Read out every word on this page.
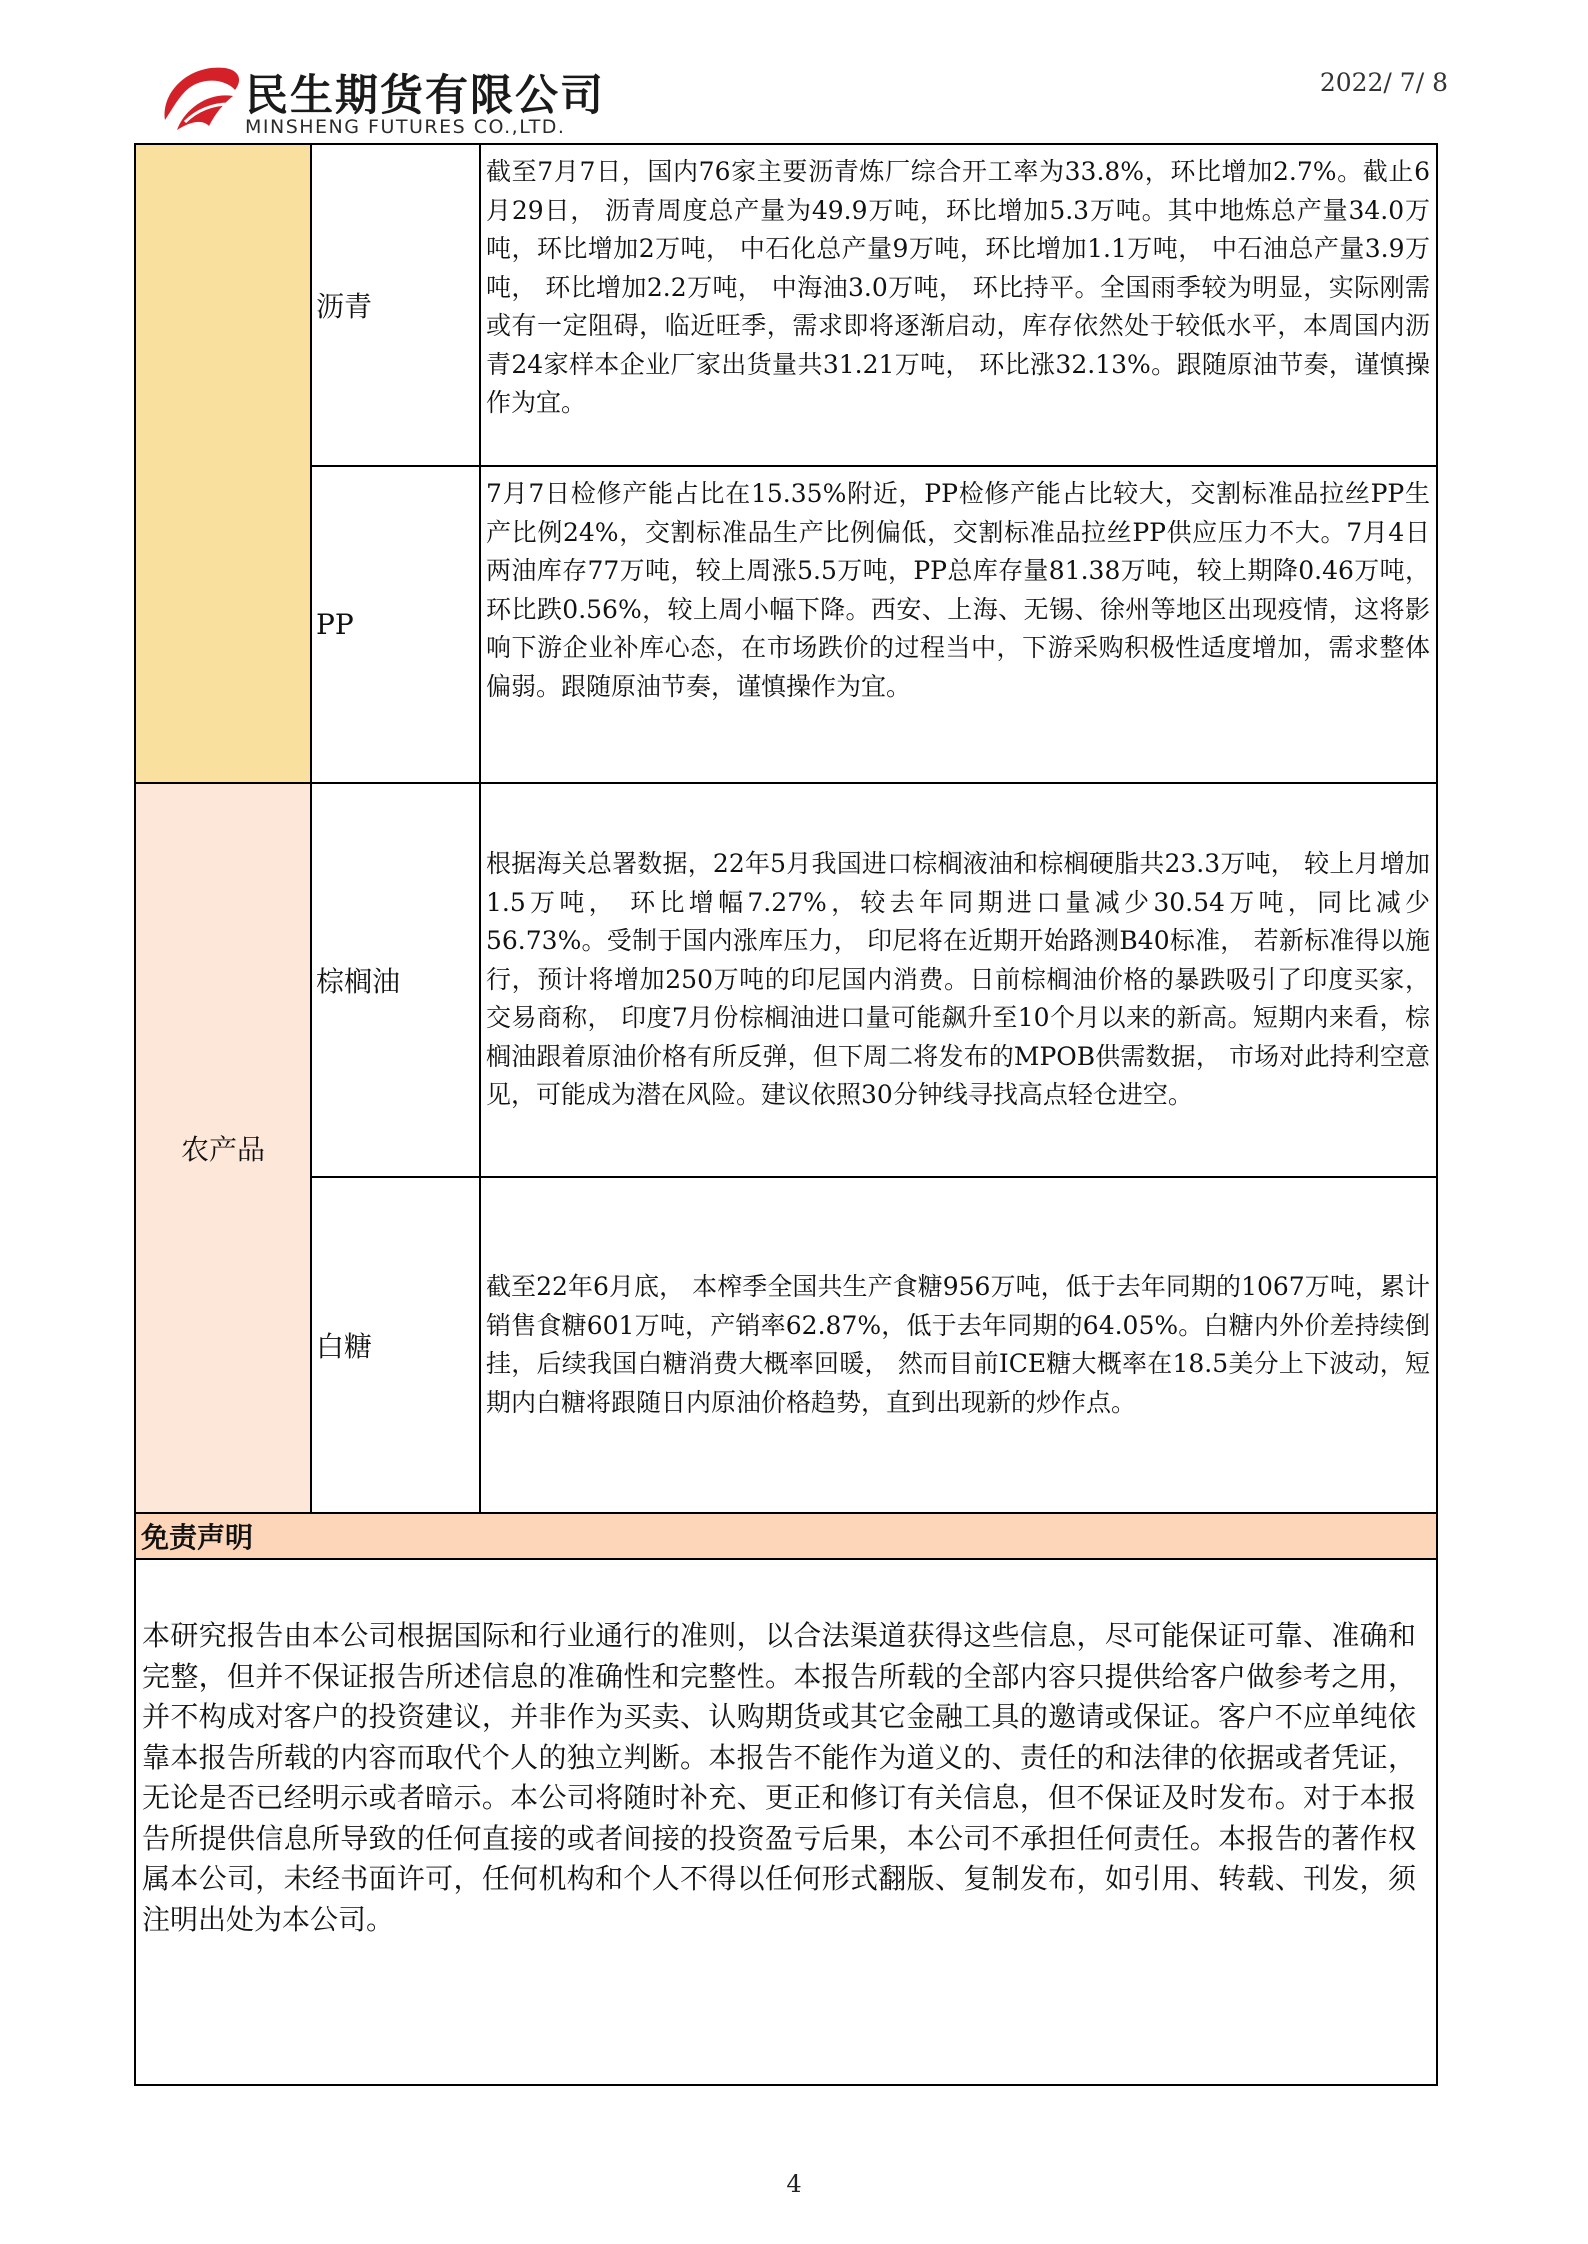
民生期货有限公司
MINSHENG FUTURES CO.,LTD.
2022/ 7/ 8
	沥青	截至7月7日，国内76家主要沥青炼厂综合开工率为33.8%，环比增加2.7%。截止6月29日， 沥青周度总产量为49.9万吨，环比增加5.3万吨。其中地炼总产量34.0万吨，环比增加2万吨， 中石化总产量9万吨，环比增加1.1万吨， 中石油总产量3.9万吨， 环比增加2.2万吨， 中海油3.0万吨， 环比持平。全国雨季较为明显，实际刚需或有一定阻碍，临近旺季，需求即将逐渐启动，库存依然处于较低水平，本周国内沥青24家样本企业厂家出货量共31.21万吨， 环比涨32.13%。跟随原油节奏，谨慎操作为宜。
	PP	7月7日检修产能占比在15.35%附近，PP检修产能占比较大，交割标准品拉丝PP生产比例24%，交割标准品生产比例偏低，交割标准品拉丝PP供应压力不大。7月4日两油库存77万吨，较上周涨5.5万吨，PP总库存量81.38万吨，较上期降0.46万吨，环比跌0.56%，较上周小幅下降。西安、上海、无锡、徐州等地区出现疫情，这将影响下游企业补库心态，在市场跌价的过程当中，下游采购积极性适度增加，需求整体偏弱。跟随原油节奏，谨慎操作为宜。
农产品	棕榈油	根据海关总署数据，22年5月我国进口棕榈液油和棕榈硬脂共23.3万吨， 较上月增加1.5万吨， 环比增幅7.27%，较去年同期进口量减少30.54万吨，同比减少56.73%。受制于国内涨库压力， 印尼将在近期开始路测B40标准， 若新标准得以施行，预计将增加250万吨的印尼国内消费。日前棕榈油价格的暴跌吸引了印度买家，交易商称， 印度7月份棕榈油进口量可能飙升至10个月以来的新高。短期内来看，棕榈油跟着原油价格有所反弹，但下周二将发布的MPOB供需数据， 市场对此持利空意见，可能成为潜在风险。建议依照30分钟线寻找高点轻仓进空。
	白糖	截至22年6月底， 本榨季全国共生产食糖956万吨，低于去年同期的1067万吨，累计销售食糖601万吨，产销率62.87%，低于去年同期的64.05%。白糖内外价差持续倒挂，后续我国白糖消费大概率回暖， 然而目前ICE糖大概率在18.5美分上下波动，短期内白糖将跟随日内原油价格趋势，直到出现新的炒作点。
免责声明		
本研究报告由本公司根据国际和行业通行的准则，以合法渠道获得这些信息，尽可能保证可靠、准确和完整，但并不保证报告所述信息的准确性和完整性。本报告所载的全部内容只提供给客户做参考之用，并不构成对客户的投资建议，并非作为买卖、认购期货或其它金融工具的邀请或保证。客户不应单纯依靠本报告所载的内容而取代个人的独立判断。本报告不能作为道义的、责任的和法律的依据或者凭证，无论是否已经明示或者暗示。本公司将随时补充、更正和修订有关信息，但不保证及时发布。对于本报告所提供信息所导致的任何直接的或者间接的投资盈亏后果，本公司不承担任何责任。本报告的著作权属本公司，未经书面许可，任何机构和个人不得以任何形式翻版、复制发布，如引用、转载、刊发，须注明出处为本公司。		
4
